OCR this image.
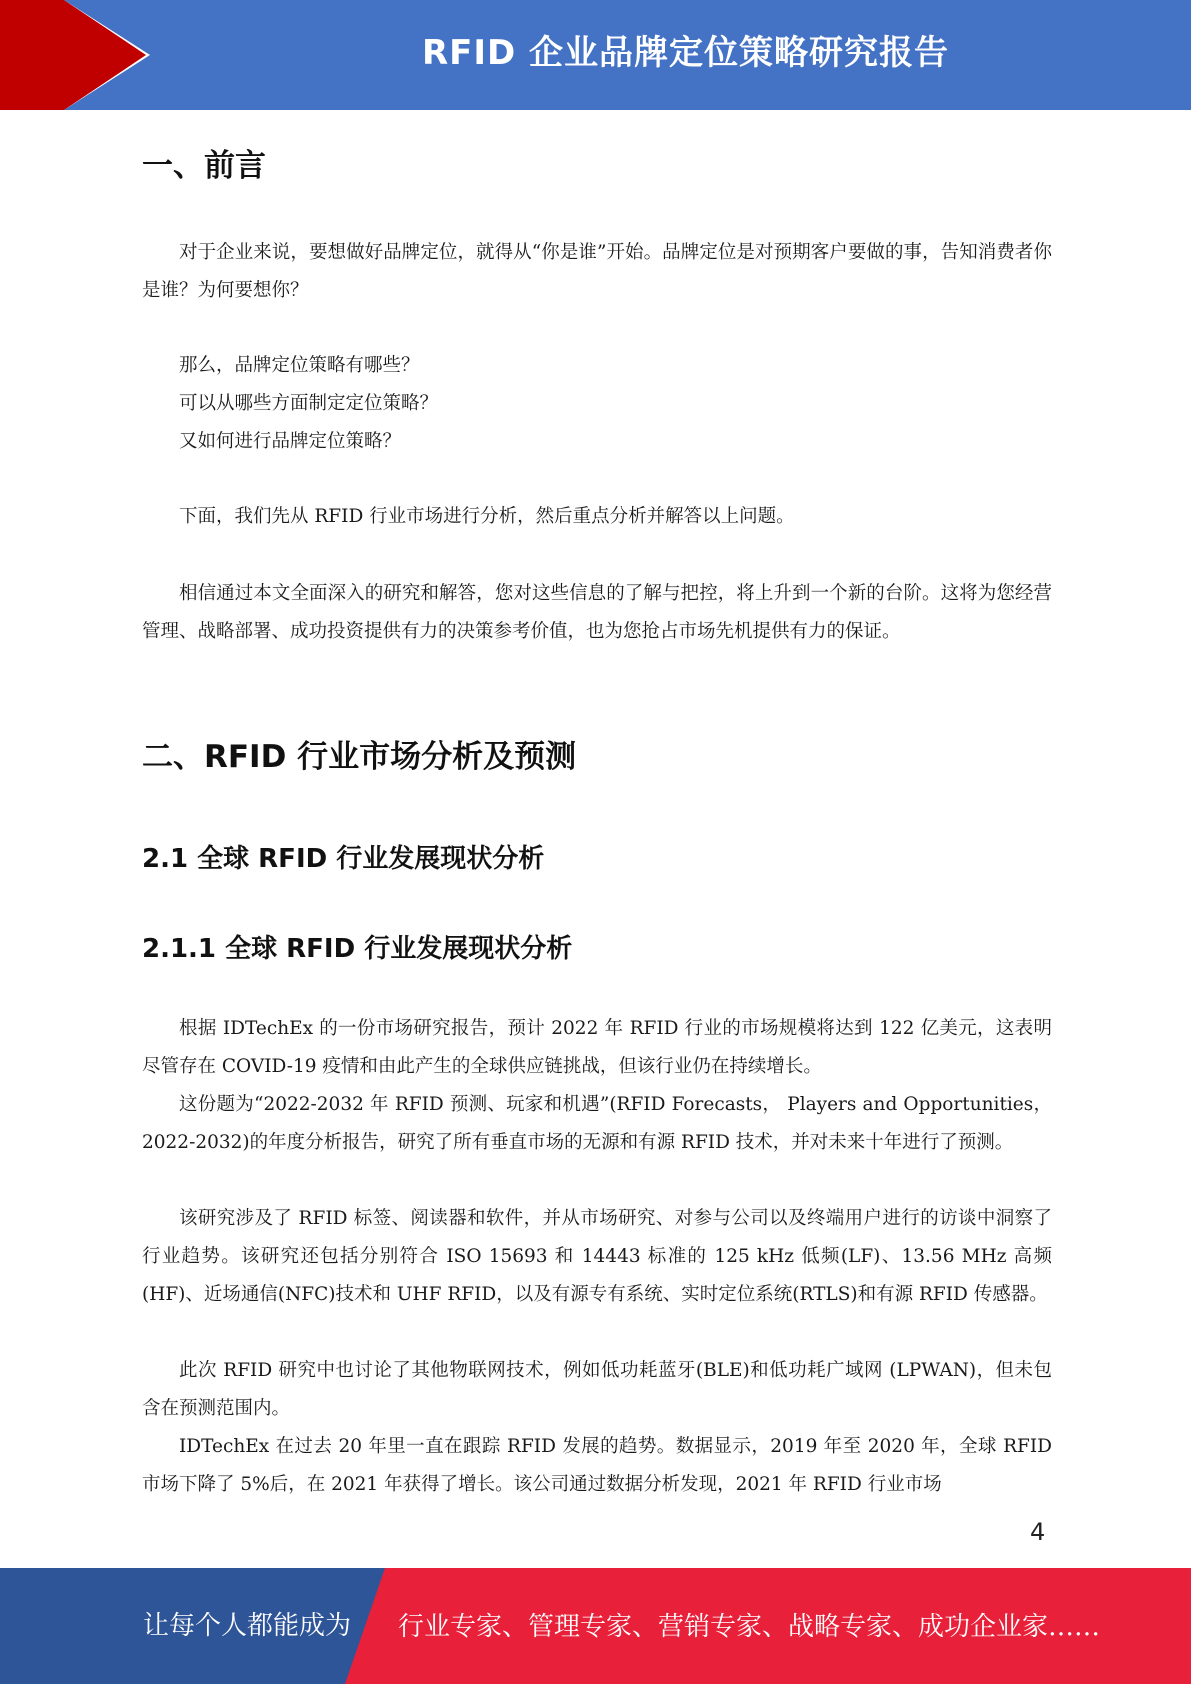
RFID 企业品牌定位策略研究报告
一、前言

对于企业来说，要想做好品牌定位，就得从“你是谁”开始。品牌定位是对预期客户要做的事，告知消费者你是谁？为何要想你？

那么，品牌定位策略有哪些？

可以从哪些方面制定定位策略？

又如何进行品牌定位策略？

下面，我们先从 RFID 行业市场进行分析，然后重点分析并解答以上问题。

相信通过本文全面深入的研究和解答，您对这些信息的了解与把控，将上升到一个新的台阶。这将为您经营管理、战略部署、成功投资提供有力的决策参考价值，也为您抢占市场先机提供有力的保证。

二、RFID 行业市场分析及预测
2.1 全球 RFID 行业发展现状分析
2.1.1 全球 RFID 行业发展现状分析

根据 IDTechEx 的一份市场研究报告，预计 2022 年 RFID 行业的市场规模将达到 122 亿美元，这表明尽管存在 COVID-19 疫情和由此产生的全球供应链挑战，但该行业仍在持续增长。

这份题为“2022-2032 年 RFID 预测、玩家和机遇”(RFID Forecasts， Players and Opportunities， 2022-2032)的年度分析报告，研究了所有垂直市场的无源和有源 RFID 技术，并对未来十年进行了预测。

该研究涉及了 RFID 标签、阅读器和软件，并从市场研究、对参与公司以及终端用户进行的访谈中洞察了行业趋势。该研究还包括分别符合 ISO 15693 和 14443 标准的 125 kHz 低频(LF)、13.56 MHz 高频(HF)、近场通信(NFC)技术和 UHF RFID，以及有源专有系统、实时定位系统(RTLS)和有源 RFID 传感器。

此次 RFID 研究中也讨论了其他物联网技术，例如低功耗蓝牙(BLE)和低功耗广域网 (LPWAN)，但未包含在预测范围内。

IDTechEx 在过去 20 年里一直在跟踪 RFID 发展的趋势。数据显示，2019 年至 2020 年，全球 RFID 市场下降了 5%后，在 2021 年获得了增长。该公司通过数据分析发现，2021 年 RFID 行业市场

4
让每个人都能成为 行业专家、管理专家、营销专家、战略专家、成功企业家……
